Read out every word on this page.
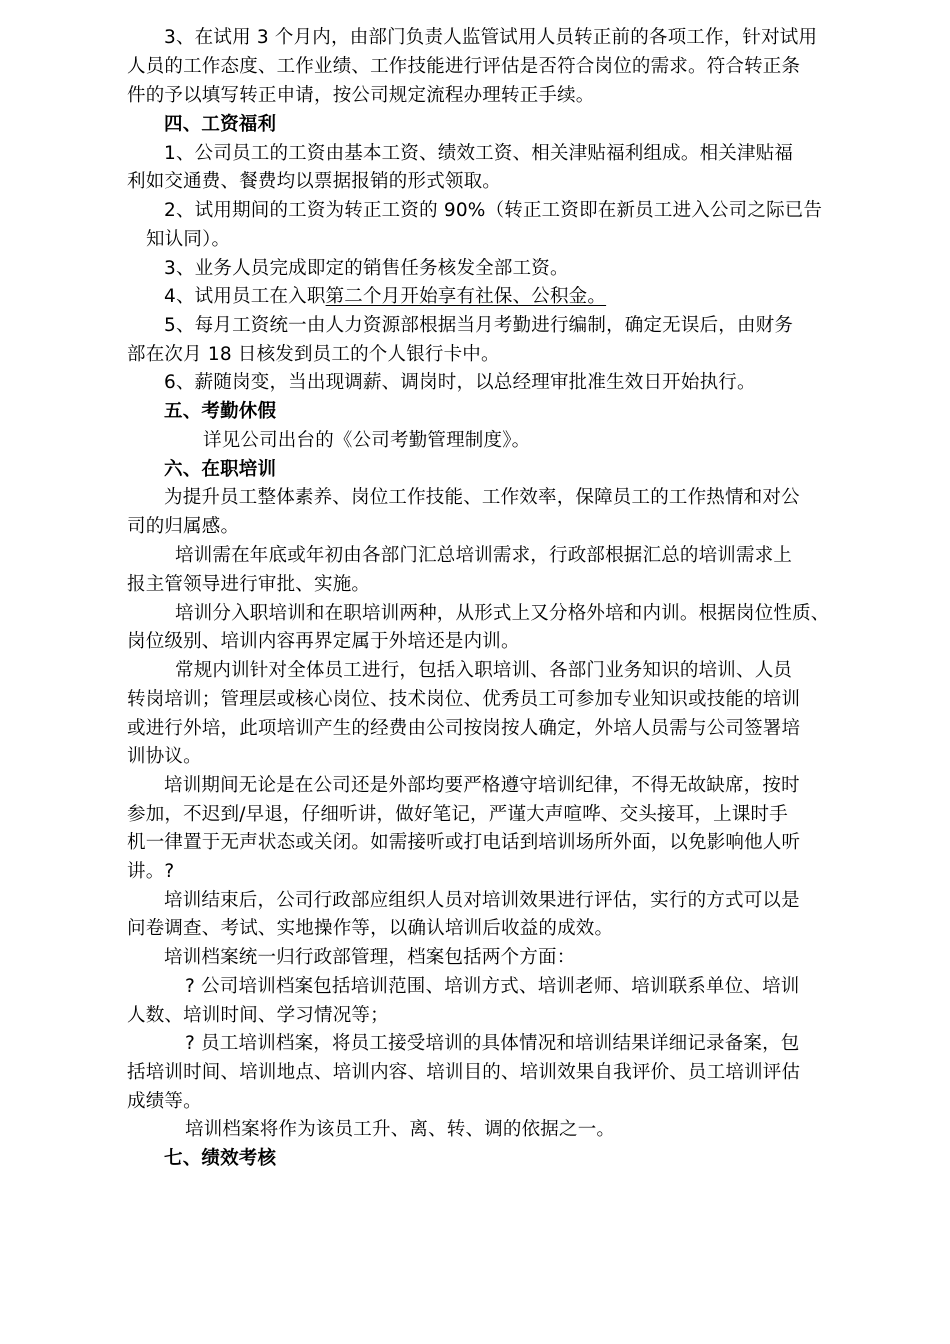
3、在试用 3 个月内，由部门负责人监管试用人员转正前的各项工作，针对试用
人员的工作态度、工作业绩、工作技能进行评估是否符合岗位的需求。符合转正条
件的予以填写转正申请，按公司规定流程办理转正手续。
四、工资福利
1、公司员工的工资由基本工资、绩效工资、相关津贴福利组成。相关津贴福
利如交通费、餐费均以票据报销的形式领取。
2、试用期间的工资为转正工资的 90%（转正工资即在新员工进入公司之际已告
知认同）。
3、业务人员完成即定的销售任务核发全部工资。
4、试用员工在入职第二个月开始享有社保、公积金。
5、每月工资统一由人力资源部根据当月考勤进行编制，确定无误后，由财务
部在次月 18 日核发到员工的个人银行卡中。
6、薪随岗变，当出现调薪、调岗时，以总经理审批准生效日开始执行。
五、考勤休假
详见公司出台的《公司考勤管理制度》。
六、在职培训
为提升员工整体素养、岗位工作技能、工作效率，保障员工的工作热情和对公
司的归属感。
培训需在年底或年初由各部门汇总培训需求，行政部根据汇总的培训需求上
报主管领导进行审批、实施。
培训分入职培训和在职培训两种，从形式上又分格外培和内训。根据岗位性质、
岗位级别、培训内容再界定属于外培还是内训。
常规内训针对全体员工进行，包括入职培训、各部门业务知识的培训、人员
转岗培训；管理层或核心岗位、技术岗位、优秀员工可参加专业知识或技能的培训
或进行外培，此项培训产生的经费由公司按岗按人确定，外培人员需与公司签署培
训协议。
培训期间无论是在公司还是外部均要严格遵守培训纪律，不得无故缺席，按时
参加，不迟到/早退，仔细听讲，做好笔记，严谨大声喧哗、交头接耳，上课时手
机一律置于无声状态或关闭。如需接听或打电话到培训场所外面，以免影响他人听
讲。?
培训结束后，公司行政部应组织人员对培训效果进行评估，实行的方式可以是
问卷调查、考试、实地操作等，以确认培训后收益的成效。
培训档案统一归行政部管理，档案包括两个方面：
? 公司培训档案包括培训范围、培训方式、培训老师、培训联系单位、培训
人数、培训时间、学习情况等；
? 员工培训档案，将员工接受培训的具体情况和培训结果详细记录备案，包
括培训时间、培训地点、培训内容、培训目的、培训效果自我评价、员工培训评估
成绩等。
培训档案将作为该员工升、离、转、调的依据之一。
七、绩效考核
